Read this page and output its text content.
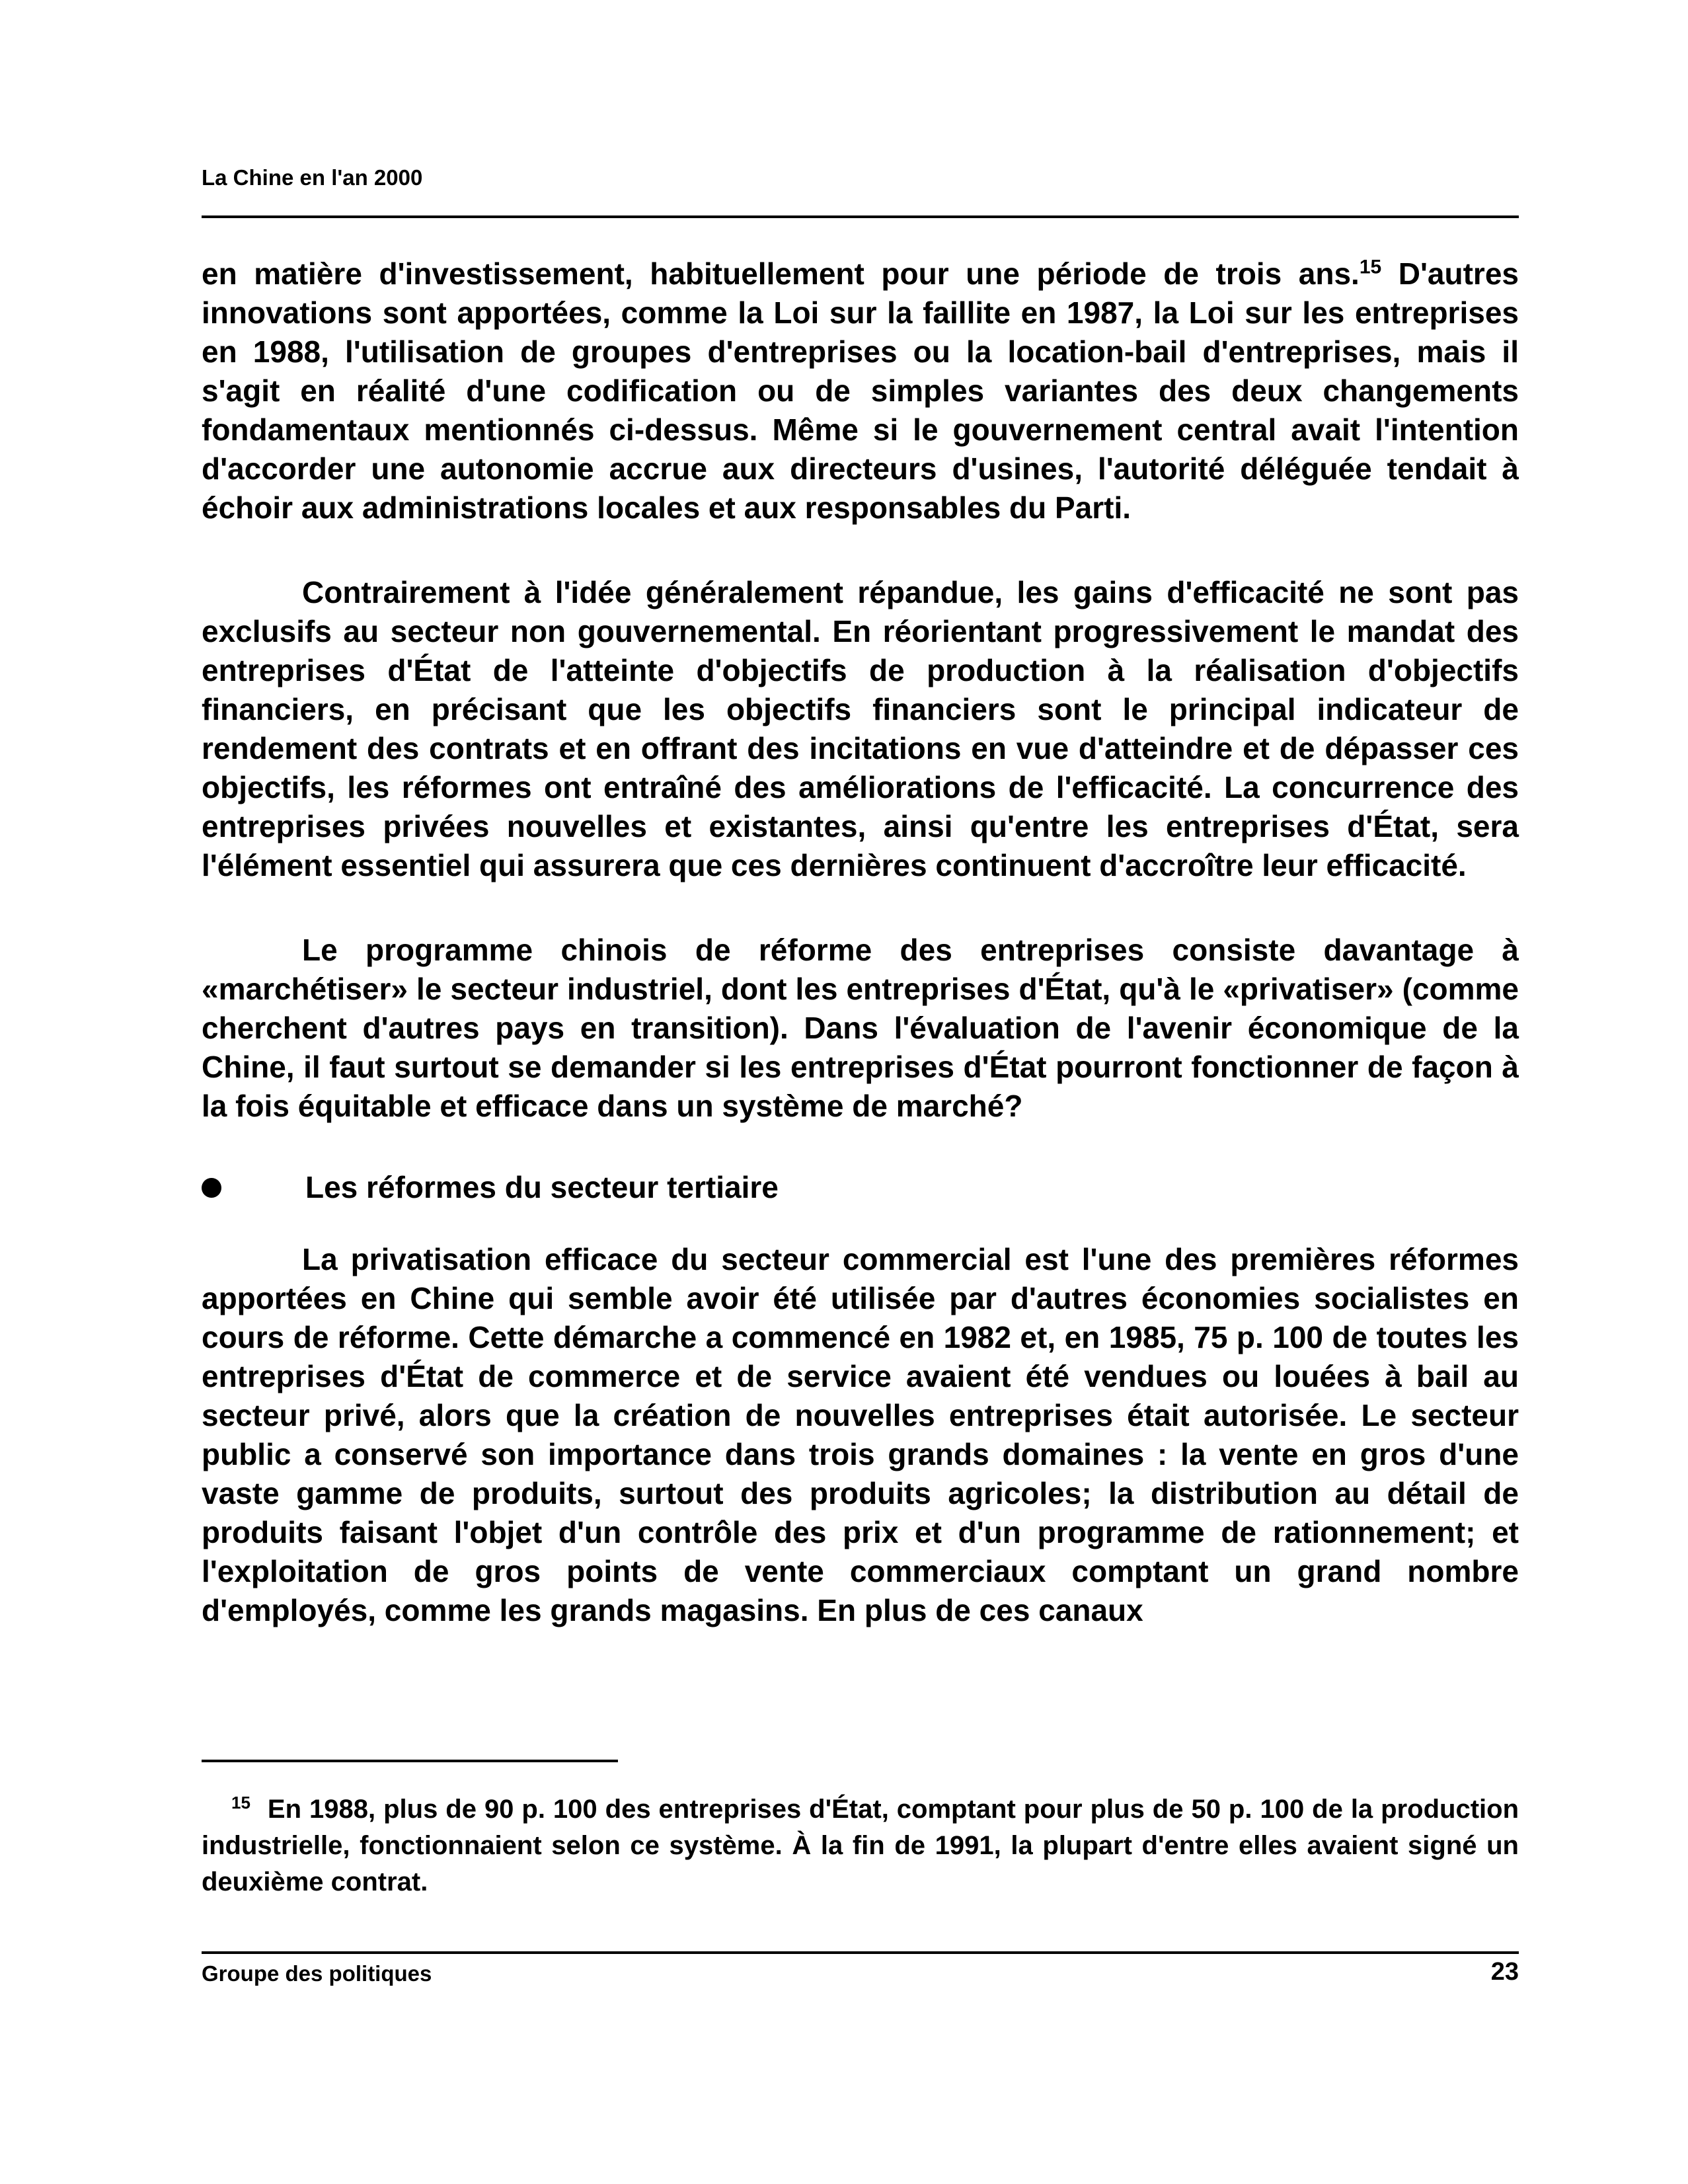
La Chine en l'an 2000

en matière d'investissement, habituellement pour une période de trois ans.$^{15}$ D'autres innovations sont apportées, comme la Loi sur la faillite en 1987, la Loi sur les entreprises en 1988, l'utilisation de groupes d'entreprises ou la location-bail d'entreprises, mais il s'agit en réalité d'une codification ou de simples variantes des deux changements fondamentaux mentionnés ci-dessus. Même si le gouvernement central avait l'intention d'accorder une autonomie accrue aux directeurs d'usines, l'autorité déléguée tendait à échoir aux administrations locales et aux responsables du Parti.

Contrairement à l'idée généralement répandue, les gains d'efficacité ne sont pas exclusifs au secteur non gouvernemental. En réorientant progressivement le mandat des entreprises d'État de l'atteinte d'objectifs de production à la réalisation d'objectifs financiers, en précisant que les objectifs financiers sont le principal indicateur de rendement des contrats et en offrant des incitations en vue d'atteindre et de dépasser ces objectifs, les réformes ont entraîné des améliorations de l'efficacité. La concurrence des entreprises privées nouvelles et existantes, ainsi qu'entre les entreprises d'État, sera l'élément essentiel qui assurera que ces dernières continuent d'accroître leur efficacité.

Le programme chinois de réforme des entreprises consiste davantage à «marchétiser» le secteur industriel, dont les entreprises d'État, qu'à le «privatiser» (comme cherchent d'autres pays en transition). Dans l'évaluation de l'avenir économique de la Chine, il faut surtout se demander si les entreprises d'État pourront fonctionner de façon à la fois équitable et efficace dans un système de marché?

Les réformes du secteur tertiaire

La privatisation efficace du secteur commercial est l'une des premières réformes apportées en Chine qui semble avoir été utilisée par d'autres économies socialistes en cours de réforme. Cette démarche a commencé en 1982 et, en 1985, 75 p. 100 de toutes les entreprises d'État de commerce et de service avaient été vendues ou louées à bail au secteur privé, alors que la création de nouvelles entreprises était autorisée. Le secteur public a conservé son importance dans trois grands domaines : la vente en gros d'une vaste gamme de produits, surtout des produits agricoles; la distribution au détail de produits faisant l'objet d'un contrôle des prix et d'un programme de rationnement; et l'exploitation de gros points de vente commerciaux comptant un grand nombre d'employés, comme les grands magasins. En plus de ces canaux

$^{15}$ En 1988, plus de 90 p. 100 des entreprises d'État, comptant pour plus de 50 p. 100 de la production industrielle, fonctionnaient selon ce système. À la fin de 1991, la plupart d'entre elles avaient signé un deuxième contrat.

Groupe des politiques	23
